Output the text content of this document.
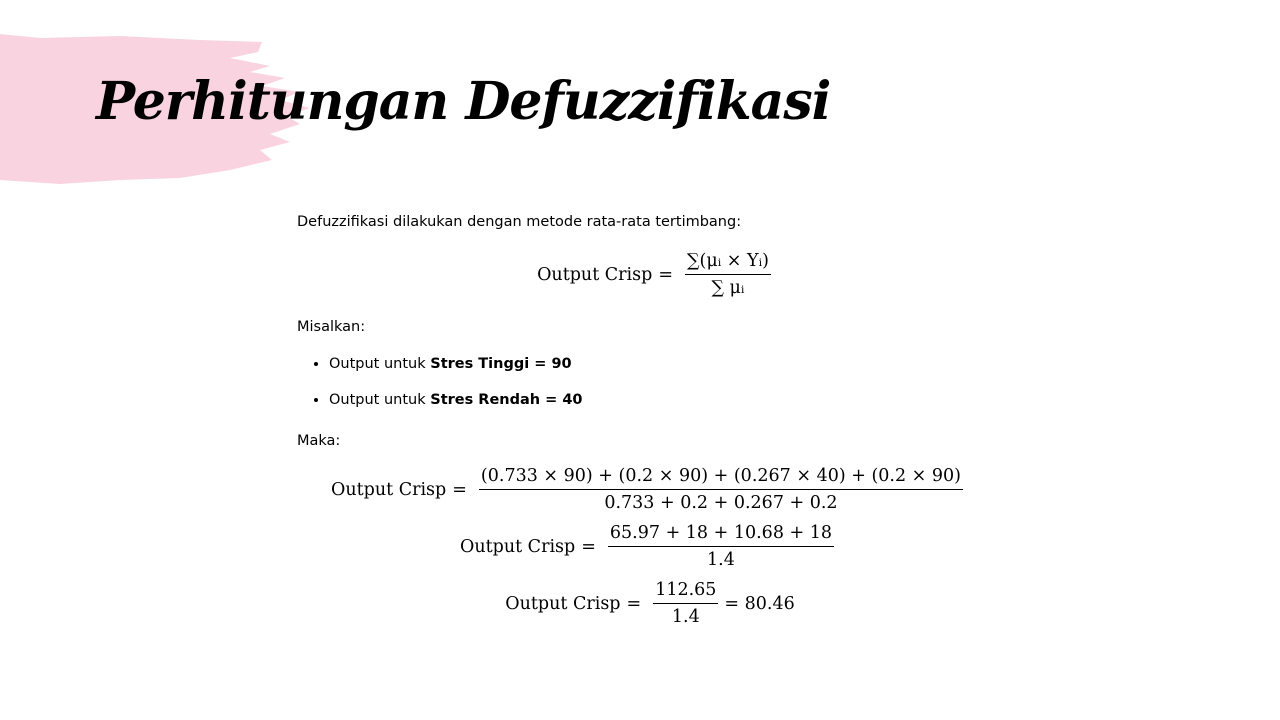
Perhitungan Defuzzifikasi

Defuzzifikasi dilakukan dengan metode rata-rata tertimbang:

Output Crisp = $\frac{\text{∑(μᵢ × Yᵢ)}}{\text{∑ μᵢ}}$

Misalkan:

• Output untuk Stres Tinggi = 90
• Output untuk Stres Rendah = 40

Maka:

Output Crisp = $\frac{(0.733 \times 90) + (0.2 \times 90) + (0.267 \times 40) + (0.2 \times 90)}{0.733 + 0.2 + 0.267 + 0.2}$
Output Crisp = $\frac{65.97 + 18 + 10.68 + 18}{1.4}$
Output Crisp = $\frac{112.65}{1.4} = 80.46$
